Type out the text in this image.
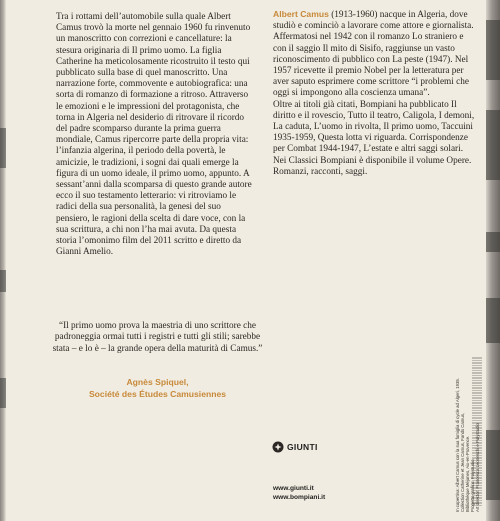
Tra i rottami dell’automobile sulla quale Albert Camus trovò la morte nel gennaio 1960 fu rinvenuto un manoscritto con correzioni e cancellature: la stesura originaria di Il primo uomo. La figlia Catherine ha meticolosamente ricostruito il testo qui pubblicato sulla base di quel manoscritto. Una narrazione forte, commovente e autobiografica: una sorta di romanzo di formazione a ritroso. Attraverso le emozioni e le impressioni del protagonista, che torna in Algeria nel desiderio di ritrovare il ricordo del padre scomparso durante la prima guerra mondiale, Camus ripercorre parte della propria vita: l’infanzia algerina, il periodo della povertà, le amicizie, le tradizioni, i sogni dai quali emerge la figura di un uomo ideale, il primo uomo, appunto. A sessant’anni dalla scomparsa di questo grande autore ecco il suo testamento letterario: vi ritroviamo le radici della sua personalità, la genesi del suo pensiero, le ragioni della scelta di dare voce, con la sua scrittura, a chi non l’ha mai avuta. Da questa storia l’omonimo film del 2011 scritto e diretto da Gianni Amelio.
“Il primo uomo prova la maestria di uno scrittore che padroneggia ormai tutti i registri e tutti gli stili; sarebbe stata – e lo è – la grande opera della maturità di Camus.”
Agnès Spiquel,
Société des Études Camusiennes
Albert Camus (1913-1960) nacque in Algeria, dove studiò e cominciò a lavorare come attore e giornalista. Affermatosi nel 1942 con il romanzo Lo straniero e con il saggio Il mito di Sisifo, raggiunse un vasto riconoscimento di pubblico con La peste (1947). Nel 1957 ricevette il premio Nobel per la letteratura per aver saputo esprimere come scrittore “i problemi che oggi si impongono alla coscienza umana”.
Oltre ai titoli già citati, Bompiani ha pubblicato Il diritto e il rovescio, Tutto il teatro, Caligola, I demoni, La caduta, L’uomo in rivolta, Il primo uomo, Taccuini 1935-1959, Questa lotta vi riguarda. Corrispondenze per Combat 1944-1947, L’estate e altri saggi solari.
Nei Classici Bompiani è disponibile il volume Opere. Romanzi, racconti, saggi.
GIUNTI
www.giunti.it
www.bompiani.it	In copertina: Albert Camus con la sua famiglia di cycle ad Algeri, 1935. Collection Catherine et Jean Camus, Fonds Camus, Bibliothèque Méjanes, Aix-en-Provence. Progetto grafico: Polystudio. Art director: Francesca Leoneschi e Polystudio
